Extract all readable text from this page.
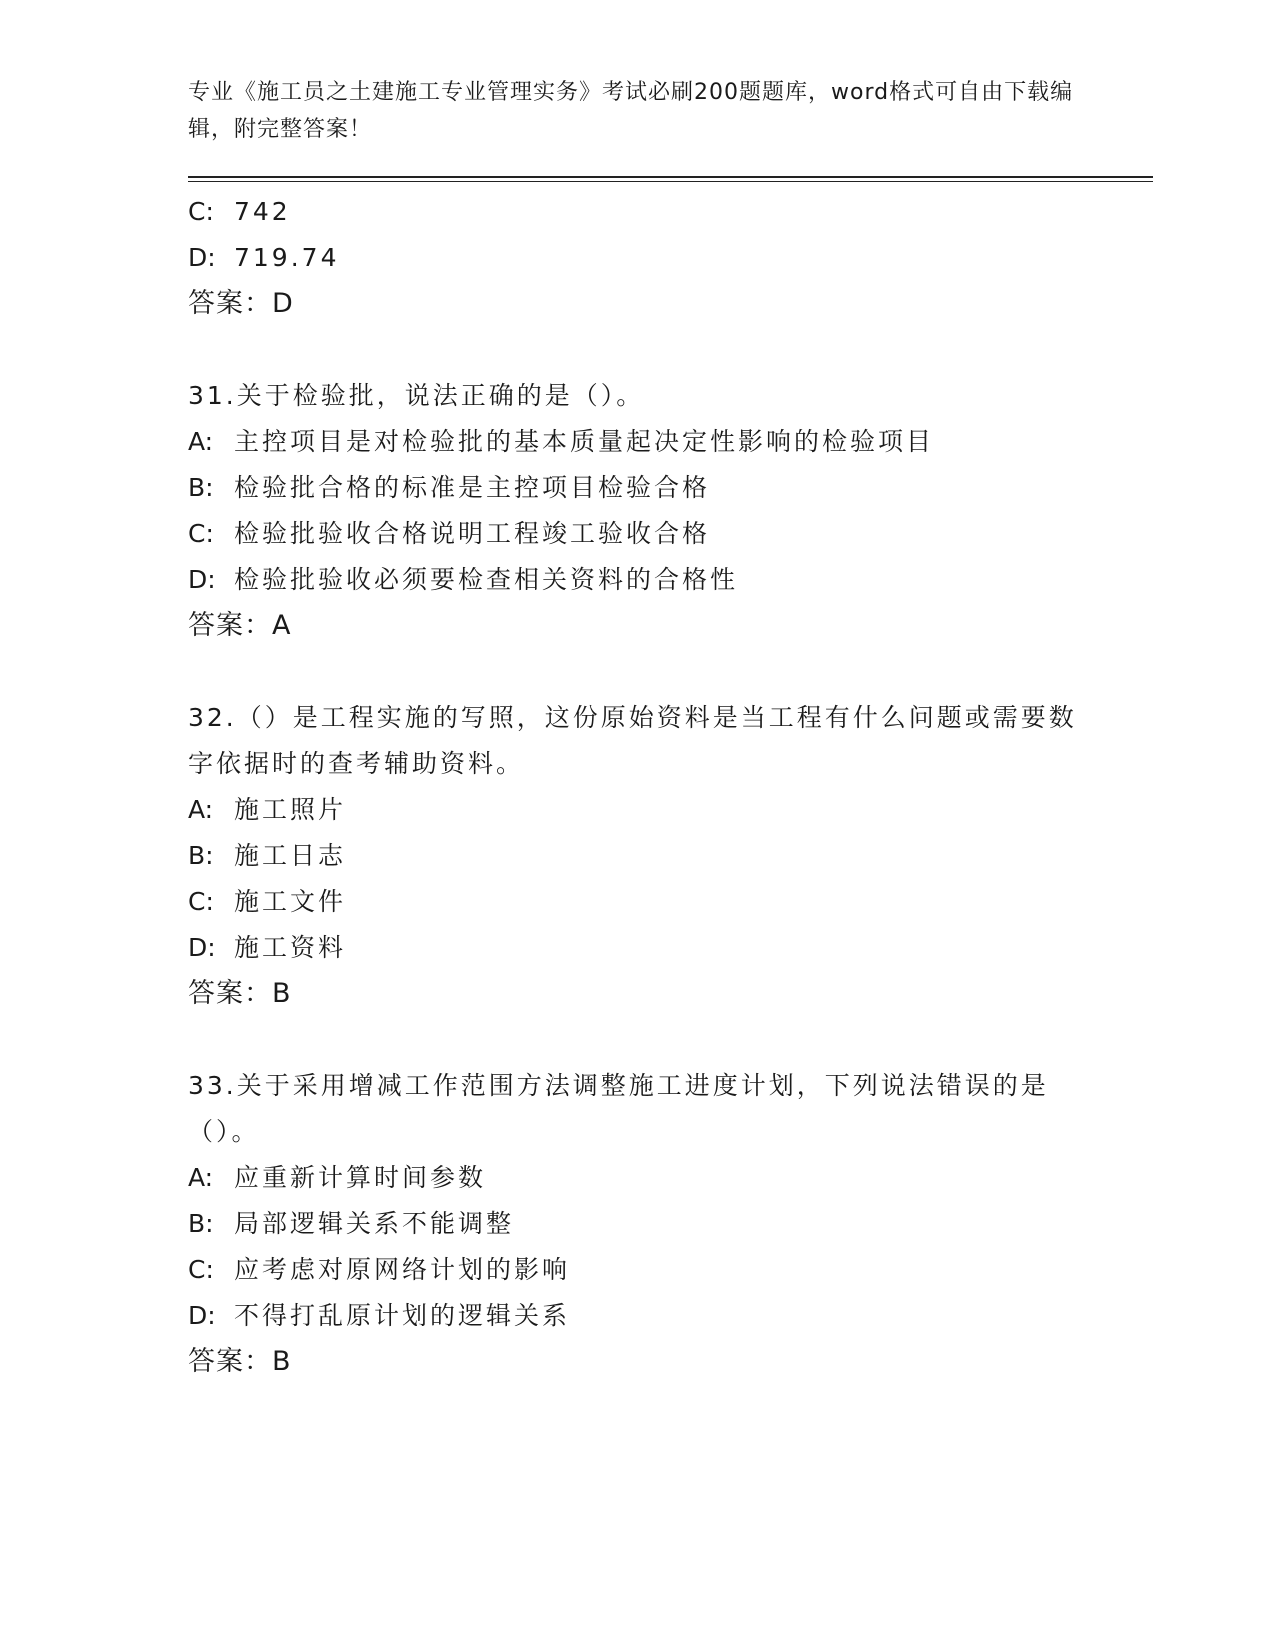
专业《施工员之土建施工专业管理实务》考试必刷200题题库，word格式可自由下载编辑，附完整答案！
C: 742
D: 719.74
答案：D
31.关于检验批，说法正确的是（）。
A: 主控项目是对检验批的基本质量起决定性影响的检验项目
B: 检验批合格的标准是主控项目检验合格
C: 检验批验收合格说明工程竣工验收合格
D: 检验批验收必须要检查相关资料的合格性
答案：A
32.（）是工程实施的写照，这份原始资料是当工程有什么问题或需要数字依据时的查考辅助资料。
A: 施工照片
B: 施工日志
C: 施工文件
D: 施工资料
答案：B
33.关于采用增减工作范围方法调整施工进度计划，下列说法错误的是（）。
A: 应重新计算时间参数
B: 局部逻辑关系不能调整
C: 应考虑对原网络计划的影响
D: 不得打乱原计划的逻辑关系
答案：B
